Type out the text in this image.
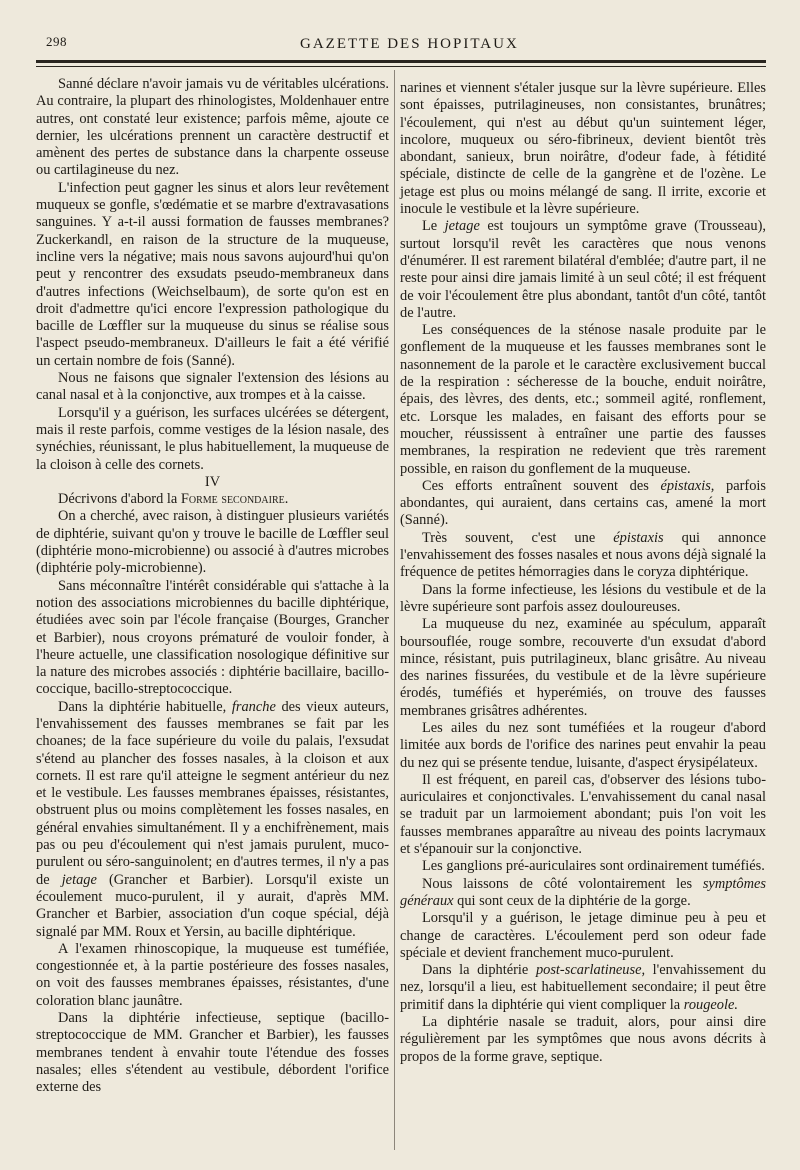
298	GAZETTE DES HOPITAUX

Sanné déclare n'avoir jamais vu de véritables ulcérations. Au contraire, la plupart des rhinologistes, Moldenhauer entre autres, ont constaté leur existence; parfois même, ajoute ce dernier, les ulcérations prennent un caractère destructif et amènent des pertes de substance dans la charpente osseuse ou cartilagineuse du nez.

L'infection peut gagner les sinus et alors leur revêtement muqueux se gonfle, s'œdématie et se marbre d'extravasations sanguines. Y a-t-il aussi formation de fausses membranes? Zuckerkandl, en raison de la structure de la muqueuse, incline vers la négative; mais nous savons aujourd'hui qu'on peut y rencontrer des exsudats pseudo-membraneux dans d'autres infections (Weichselbaum), de sorte qu'on est en droit d'admettre qu'ici encore l'expression pathologique du bacille de Lœffler sur la muqueuse du sinus se réalise sous l'aspect pseudo-membraneux. D'ailleurs le fait a été vérifié un certain nombre de fois (Sanné).

Nous ne faisons que signaler l'extension des lésions au canal nasal et à la conjonctive, aux trompes et à la caisse.

Lorsqu'il y a guérison, les surfaces ulcérées se détergent, mais il reste parfois, comme vestiges de la lésion nasale, des synéchies, réunissant, le plus habituellement, la muqueuse de la cloison à celle des cornets.

IV

Décrivons d'abord la Forme secondaire.

On a cherché, avec raison, à distinguer plusieurs variétés de diphtérie, suivant qu'on y trouve le bacille de Lœffler seul (diphtérie mono-microbienne) ou associé à d'autres microbes (diphtérie poly-microbienne).

Sans méconnaître l'intérêt considérable qui s'attache à la notion des associations microbiennes du bacille diphtérique, étudiées avec soin par l'école française (Bourges, Grancher et Barbier), nous croyons prématuré de vouloir fonder, à l'heure actuelle, une classification nosologique définitive sur la nature des microbes associés : diphtérie bacillaire, bacillo-coccique, bacillo-streptococcique.

Dans la diphtérie habituelle, franche des vieux auteurs, l'envahissement des fausses membranes se fait par les choanes; de la face supérieure du voile du palais, l'exsudat s'étend au plancher des fosses nasales, à la cloison et aux cornets. Il est rare qu'il atteigne le segment antérieur du nez et le vestibule. Les fausses membranes épaisses, résistantes, obstruent plus ou moins complètement les fosses nasales, en général envahies simultanément. Il y a enchifrènement, mais pas ou peu d'écoulement qui n'est jamais purulent, muco-purulent ou séro-sanguinolent; en d'autres termes, il n'y a pas de jetage (Grancher et Barbier). Lorsqu'il existe un écoulement muco-purulent, il y aurait, d'après MM. Grancher et Barbier, association d'un coque spécial, déjà signalé par MM. Roux et Yersin, au bacille diphtérique.

A l'examen rhinoscopique, la muqueuse est tuméfiée, congestionnée et, à la partie postérieure des fosses nasales, on voit des fausses membranes épaisses, résistantes, d'une coloration blanc jaunâtre.

Dans la diphtérie infectieuse, septique (bacillo-streptococcique de MM. Grancher et Barbier), les fausses membranes tendent à envahir toute l'étendue des fosses nasales; elles s'étendent au vestibule, débordent l'orifice externe des

narines et viennent s'étaler jusque sur la lèvre supérieure. Elles sont épaisses, putrilagineuses, non consistantes, brunâtres; l'écoulement, qui n'est au début qu'un suintement léger, incolore, muqueux ou séro-fibrineux, devient bientôt très abondant, sanieux, brun noirâtre, d'odeur fade, à fétidité spéciale, distincte de celle de la gangrène et de l'ozène. Le jetage est plus ou moins mélangé de sang. Il irrite, excorie et inocule le vestibule et la lèvre supérieure.

Le jetage est toujours un symptôme grave (Trousseau), surtout lorsqu'il revêt les caractères que nous venons d'énumérer. Il est rarement bilatéral d'emblée; d'autre part, il ne reste pour ainsi dire jamais limité à un seul côté; il est fréquent de voir l'écoulement être plus abondant, tantôt d'un côté, tantôt de l'autre.

Les conséquences de la sténose nasale produite par le gonflement de la muqueuse et les fausses membranes sont le nasonnement de la parole et le caractère exclusivement buccal de la respiration : sécheresse de la bouche, enduit noirâtre, épais, des lèvres, des dents, etc.; sommeil agité, ronflement, etc. Lorsque les malades, en faisant des efforts pour se moucher, réussissent à entraîner une partie des fausses membranes, la respiration ne redevient que très rarement possible, en raison du gonflement de la muqueuse.

Ces efforts entraînent souvent des épistaxis, parfois abondantes, qui auraient, dans certains cas, amené la mort (Sanné).

Très souvent, c'est une épistaxis qui annonce l'envahissement des fosses nasales et nous avons déjà signalé la fréquence de petites hémorragies dans le coryza diphtérique.

Dans la forme infectieuse, les lésions du vestibule et de la lèvre supérieure sont parfois assez douloureuses.

La muqueuse du nez, examinée au spéculum, apparaît boursouflée, rouge sombre, recouverte d'un exsudat d'abord mince, résistant, puis putrilagineux, blanc grisâtre. Au niveau des narines fissurées, du vestibule et de la lèvre supérieure érodés, tuméfiés et hyperémiés, on trouve des fausses membranes grisâtres adhérentes.

Les ailes du nez sont tuméfiées et la rougeur d'abord limitée aux bords de l'orifice des narines peut envahir la peau du nez qui se présente tendue, luisante, d'aspect érysipélateux.

Il est fréquent, en pareil cas, d'observer des lésions tubo-auriculaires et conjonctivales. L'envahissement du canal nasal se traduit par un larmoiement abondant; puis l'on voit les fausses membranes apparaître au niveau des points lacrymaux et s'épanouir sur la conjonctive.

Les ganglions pré-auriculaires sont ordinairement tuméfiés.

Nous laissons de côté volontairement les symptômes généraux qui sont ceux de la diphtérie de la gorge.

Lorsqu'il y a guérison, le jetage diminue peu à peu et change de caractères. L'écoulement perd son odeur fade spéciale et devient franchement muco-purulent.

Dans la diphtérie post-scarlatineuse, l'envahissement du nez, lorsqu'il a lieu, est habituellement secondaire; il peut être primitif dans la diphtérie qui vient compliquer la rougeole.

La diphtérie nasale se traduit, alors, pour ainsi dire régulièrement par les symptômes que nous avons décrits à propos de la forme grave, septique.
